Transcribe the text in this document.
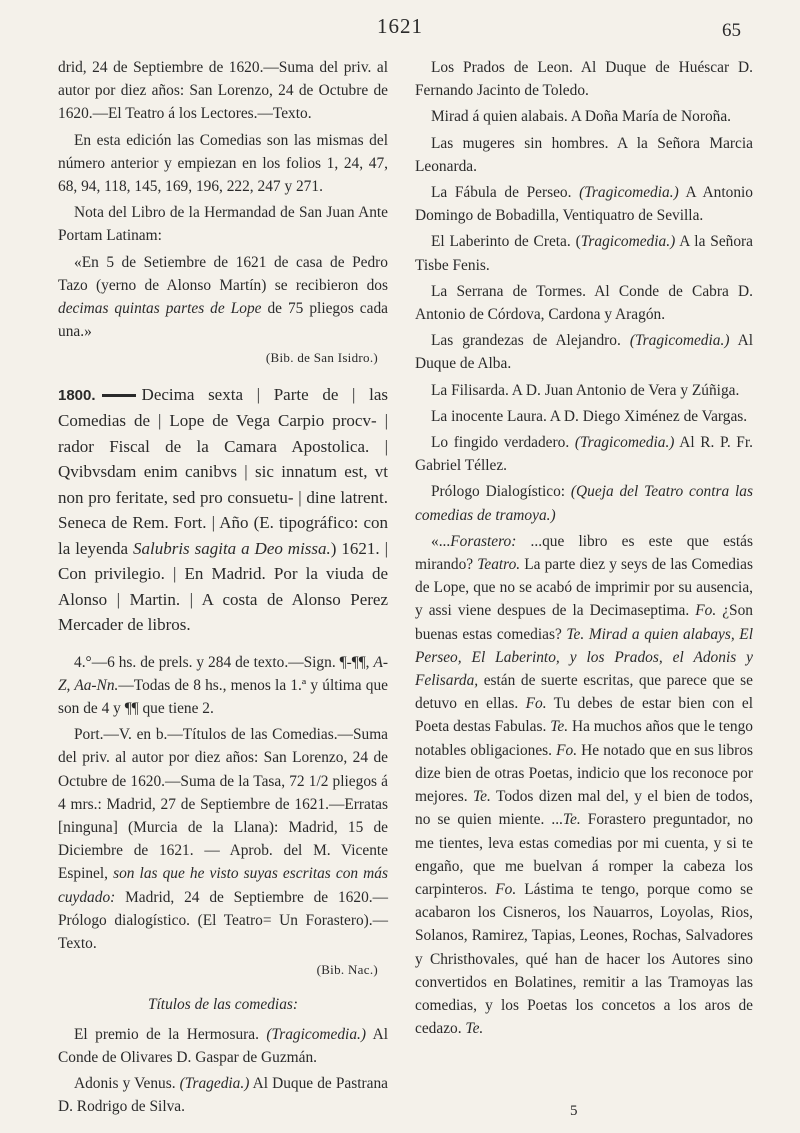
1621	65

drid, 24 de Septiembre de 1620.—Suma del priv. al autor por diez años: San Lorenzo, 24 de Octubre de 1620.—El Teatro á los Lectores.—Texto.

En esta edición las Comedias son las mismas del número anterior y empiezan en los folios 1, 24, 47, 68, 94, 118, 145, 169, 196, 222, 247 y 271.

Nota del Libro de la Hermandad de San Juan Ante Portam Latinam:

«En 5 de Setiembre de 1621 de casa de Pedro Tazo (yerno de Alonso Martín) se recibieron dos decimas quintas partes de Lope de 75 pliegos cada una.»

(Bib. de San Isidro.)

1800.	Decima sexta | Parte de | las Comedias de | Lope de Vega Carpio procv- | rador Fiscal de la Camara Apostolica. | Qvibvsdam enim canibvs | sic innatum est, vt non pro feritate, sed pro consuetu- | dine latrent. Seneca de Rem. Fort. | Año (E. tipográfico: con la leyenda Salubris sagita a Deo missa.) 1621. | Con privilegio. | En Madrid. Por la viuda de Alonso | Martin. | A costa de Alonso Perez Mercader de libros.

4.°—6 hs. de prels. y 284 de texto.—Sign. ¶-¶¶, A-Z, Aa-Nn.—Todas de 8 hs., menos la 1.ª y última que son de 4 y ¶¶ que tiene 2.

Port.—V. en b.—Títulos de las Comedias.—Suma del priv. al autor por diez años: San Lorenzo, 24 de Octubre de 1620.—Suma de la Tasa, 72 1/2 pliegos á 4 mrs.: Madrid, 27 de Septiembre de 1621.—Erratas [ninguna] (Murcia de la Llana): Madrid, 15 de Diciembre de 1621. — Aprob. del M. Vicente Espinel, son las que he visto suyas escritas con más cuydado: Madrid, 24 de Septiembre de 1620.—Prólogo dialogístico. (El Teatro= Un Forastero).—Texto.

(Bib. Nac.)

Títulos de las comedias:

El premio de la Hermosura. (Tragicomedia.) Al Conde de Olivares D. Gaspar de Guzmán.

Adonis y Venus. (Tragedia.) Al Duque de Pastrana D. Rodrigo de Silva.

Los Prados de Leon. Al Duque de Huéscar D. Fernando Jacinto de Toledo.

Mirad á quien alabais. A Doña María de Noroña.

Las mugeres sin hombres. A la Señora Marcia Leonarda.

La Fábula de Perseo. (Tragicomedia.) A Antonio Domingo de Bobadilla, Ventiquatro de Sevilla.

El Laberinto de Creta. (Tragicomedia.) A la Señora Tisbe Fenis.

La Serrana de Tormes. Al Conde de Cabra D. Antonio de Córdova, Cardona y Aragón.

Las grandezas de Alejandro. (Tragicomedia.) Al Duque de Alba.

La Filisarda. A D. Juan Antonio de Vera y Zúñiga.

La inocente Laura. A D. Diego Ximénez de Vargas.

Lo fingido verdadero. (Tragicomedia.) Al R. P. Fr. Gabriel Téllez.

Prólogo Dialogístico: (Queja del Teatro contra las comedias de tramoya.)

«...Forastero: ...que libro es este que estás mirando? Teatro. La parte diez y seys de las Comedias de Lope, que no se acabó de imprimir por su ausencia, y assi viene despues de la Decimaseptima. Fo. ¿Son buenas estas comedias? Te. Mirad a quien alabays, El Perseo, El Laberinto, y los Prados, el Adonis y Felisarda, están de suerte escritas, que parece que se detuvo en ellas. Fo. Tu debes de estar bien con el Poeta destas Fabulas. Te. Ha muchos años que le tengo notables obligaciones. Fo. He notado que en sus libros dize bien de otras Poetas, indicio que los reconoce por mejores. Te. Todos dizen mal del, y el bien de todos, no se quien miente. ...Te. Forastero preguntador, no me tientes, leva estas comedias por mi cuenta, y si te engaño, que me buelvan á romper la cabeza los carpinteros. Fo. Lástima te tengo, porque como se acabaron los Cisneros, los Nauarros, Loyolas, Rios, Solanos, Ramirez, Tapias, Leones, Rochas, Salvadores y Christhovales, qué han de hacer los Autores sino convertidos en Bolatines, remitir a las Tramoyas las comedias, y los Poetas los concetos a los aros de cedazo. Te.

5
